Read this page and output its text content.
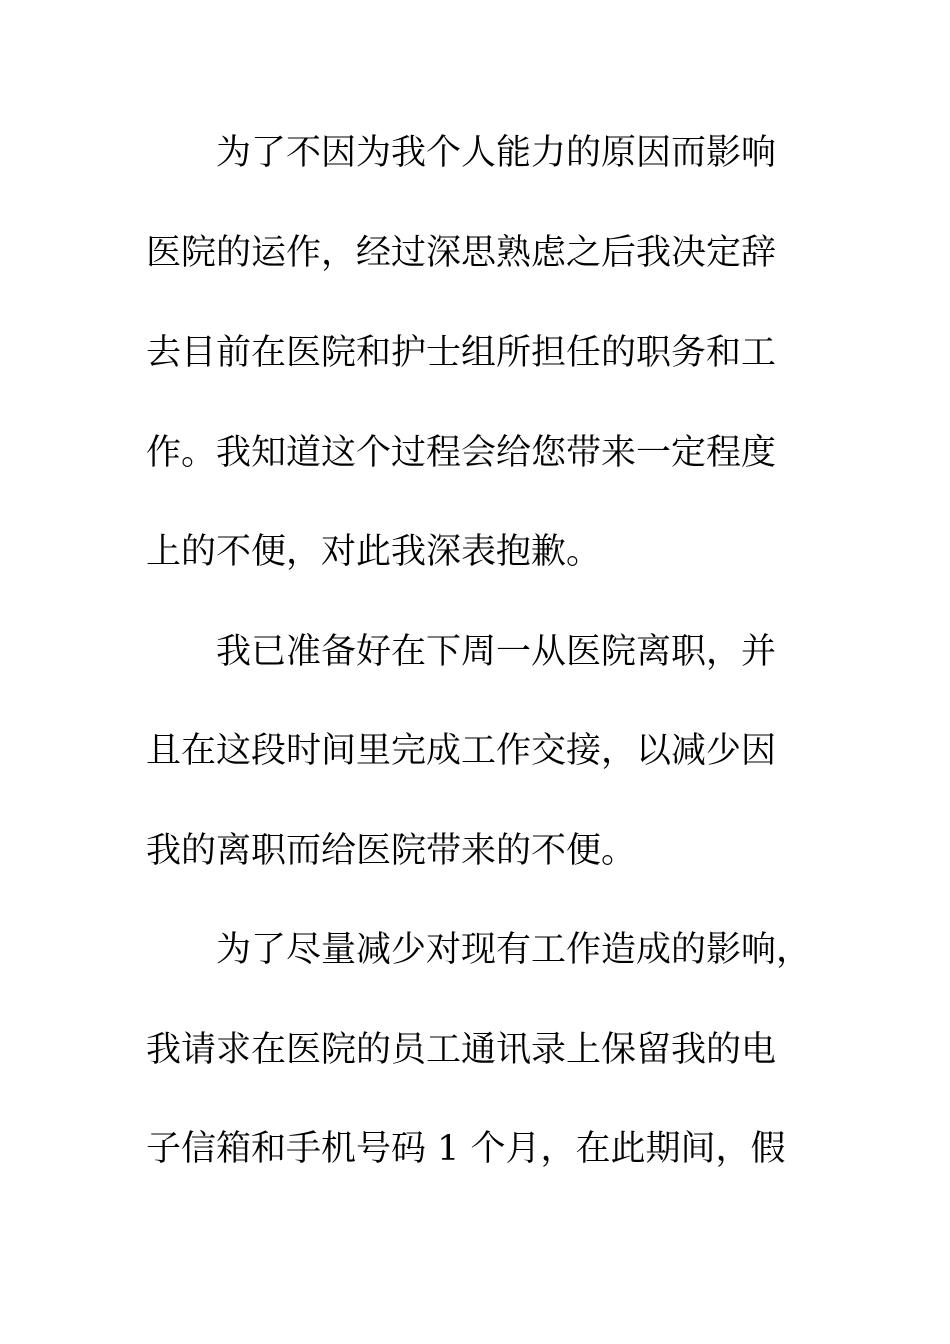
为了不因为我个人能力的原因而影响
医院的运作，经过深思熟虑之后我决定辞
去目前在医院和护士组所担任的职务和工
作。我知道这个过程会给您带来一定程度
上的不便，对此我深表抱歉。
我已准备好在下周一从医院离职，并
且在这段时间里完成工作交接，以减少因
我的离职而给医院带来的不便。
为了尽量减少对现有工作造成的影响，
我请求在医院的员工通讯录上保留我的电
子信箱和手机号码 1 个月，在此期间，假
